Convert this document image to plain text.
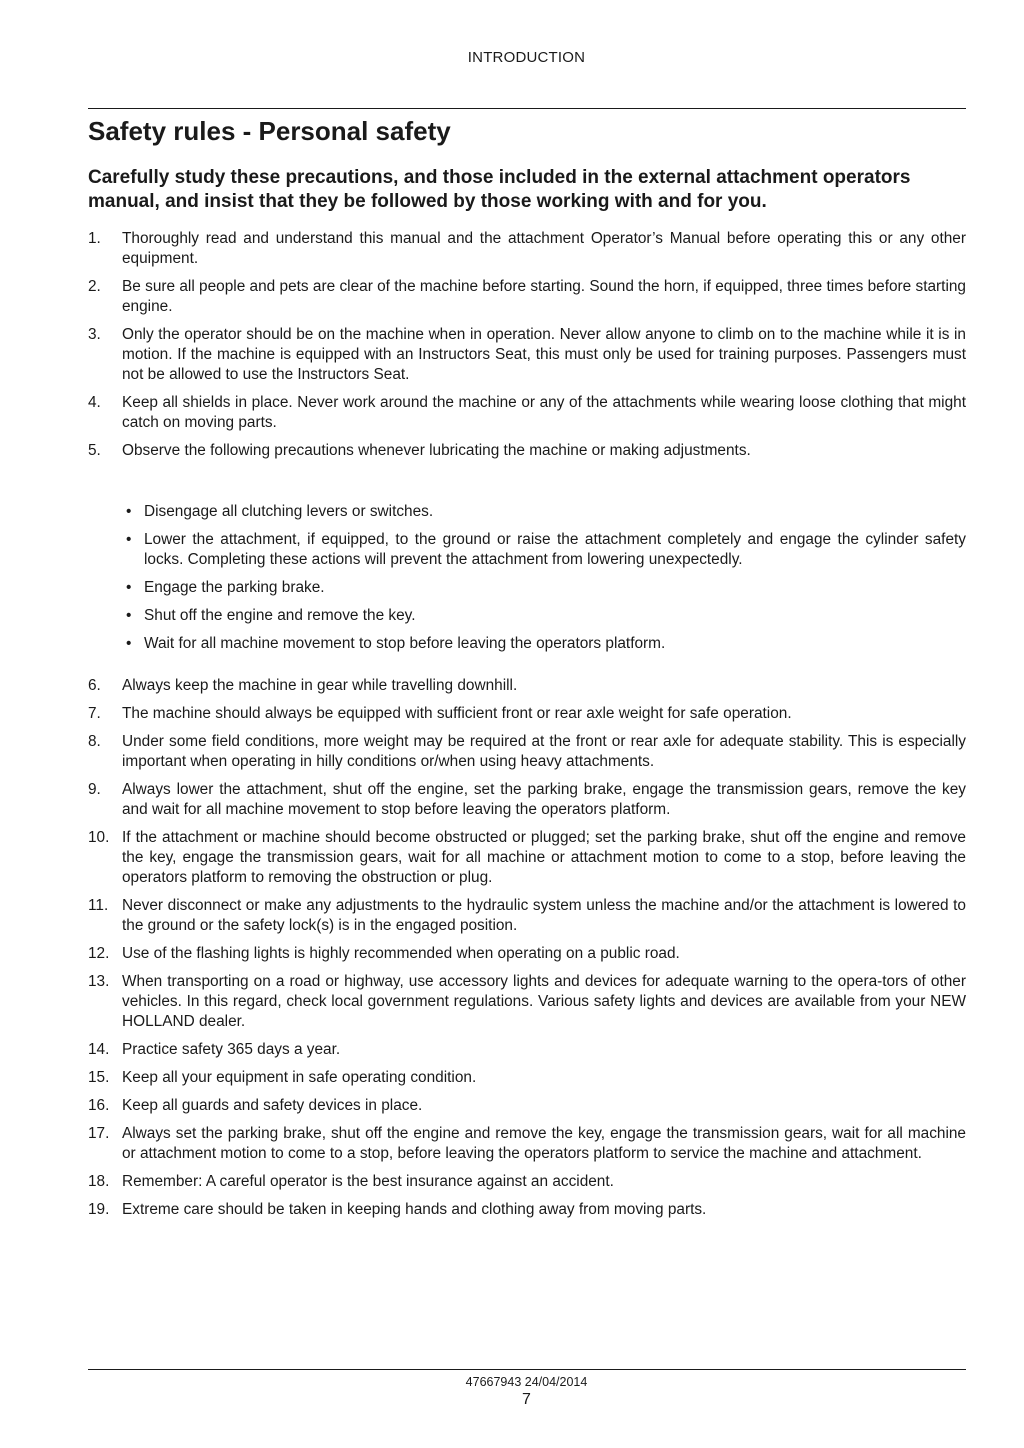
INTRODUCTION
Safety rules - Personal safety

Carefully study these precautions, and those included in the external attachment operators manual, and insist that they be followed by those working with and for you.

1. Thoroughly read and understand this manual and the attachment Operator’s Manual before operating this or any other equipment.
2. Be sure all people and pets are clear of the machine before starting. Sound the horn, if equipped, three times before starting engine.
3. Only the operator should be on the machine when in operation. Never allow anyone to climb on to the machine while it is in motion. If the machine is equipped with an Instructors Seat, this must only be used for training purposes. Passengers must not be allowed to use the Instructors Seat.
4. Keep all shields in place. Never work around the machine or any of the attachments while wearing loose clothing that might catch on moving parts.
5. Observe the following precautions whenever lubricating the machine or making adjustments.
• Disengage all clutching levers or switches.
• Lower the attachment, if equipped, to the ground or raise the attachment completely and engage the cylinder safety locks. Completing these actions will prevent the attachment from lowering unexpectedly.
• Engage the parking brake.
• Shut off the engine and remove the key.
• Wait for all machine movement to stop before leaving the operators platform.
6. Always keep the machine in gear while travelling downhill.
7. The machine should always be equipped with sufficient front or rear axle weight for safe operation.
8. Under some field conditions, more weight may be required at the front or rear axle for adequate stability. This is especially important when operating in hilly conditions or/when using heavy attachments.
9. Always lower the attachment, shut off the engine, set the parking brake, engage the transmission gears, remove the key and wait for all machine movement to stop before leaving the operators platform.
10. If the attachment or machine should become obstructed or plugged; set the parking brake, shut off the engine and remove the key, engage the transmission gears, wait for all machine or attachment motion to come to a stop, before leaving the operators platform to removing the obstruction or plug.
11. Never disconnect or make any adjustments to the hydraulic system unless the machine and/or the attachment is lowered to the ground or the safety lock(s) is in the engaged position.
12. Use of the flashing lights is highly recommended when operating on a public road.
13. When transporting on a road or highway, use accessory lights and devices for adequate warning to the opera-tors of other vehicles. In this regard, check local government regulations. Various safety lights and devices are available from your NEW HOLLAND dealer.
14. Practice safety 365 days a year.
15. Keep all your equipment in safe operating condition.
16. Keep all guards and safety devices in place.
17. Always set the parking brake, shut off the engine and remove the key, engage the transmission gears, wait for all machine or attachment motion to come to a stop, before leaving the operators platform to service the machine and attachment.
18. Remember: A careful operator is the best insurance against an accident.
19. Extreme care should be taken in keeping hands and clothing away from moving parts.
47667943 24/04/2014
7
